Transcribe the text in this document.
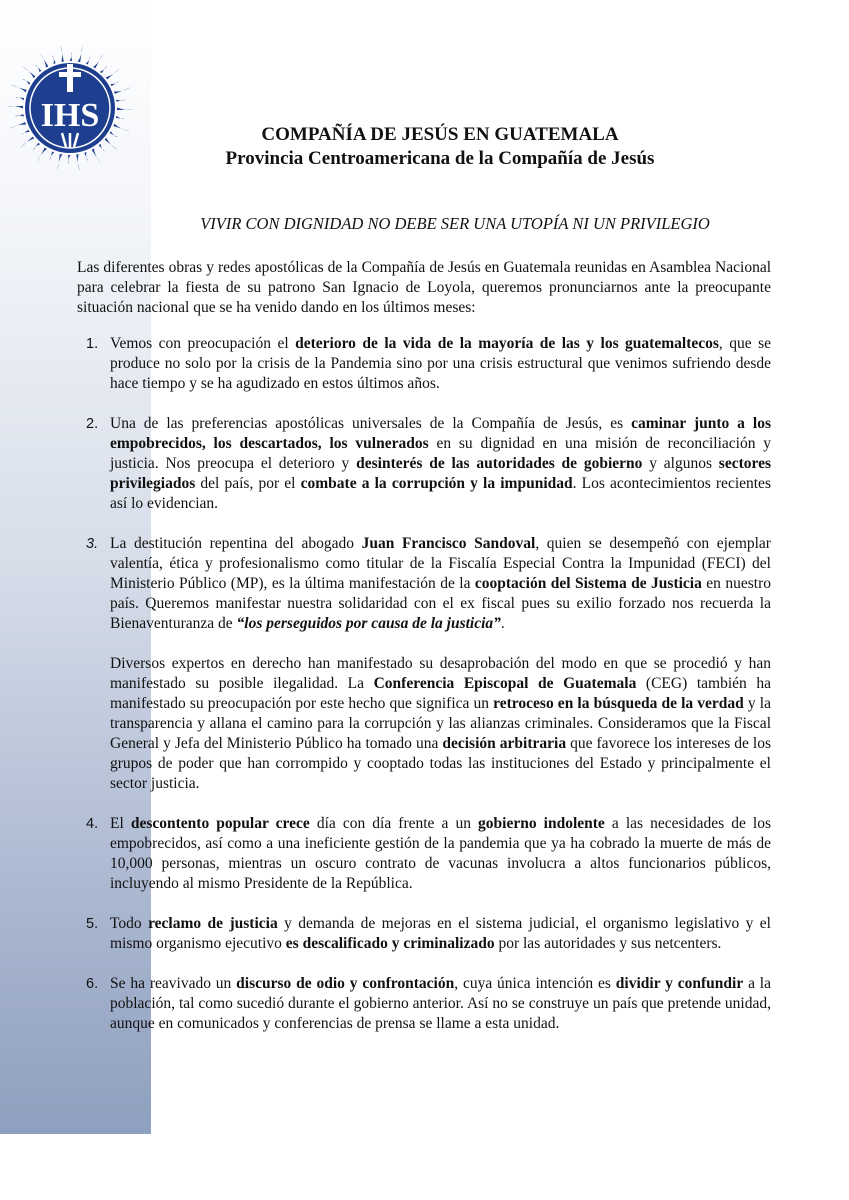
IHS
COMPAÑÍA DE JESÚS EN GUATEMALA
Provincia Centroamericana de la Compañía de Jesús
VIVIR CON DIGNIDAD NO DEBE SER UNA UTOPÍA NI UN PRIVILEGIO

Las diferentes obras y redes apostólicas de la Compañía de Jesús en Guatemala reunidas en Asamblea Nacional para celebrar la fiesta de su patrono San Ignacio de Loyola, queremos pronunciarnos ante la preocupante situación nacional que se ha venido dando en los últimos meses:

1. Vemos con preocupación el deterioro de la vida de la mayoría de las y los guatemaltecos, que se produce no solo por la crisis de la Pandemia sino por una crisis estructural que venimos sufriendo desde hace tiempo y se ha agudizado en estos últimos años.

2. Una de las preferencias apostólicas universales de la Compañía de Jesús, es caminar junto a los empobrecidos, los descartados, los vulnerados en su dignidad en una misión de reconciliación y justicia. Nos preocupa el deterioro y desinterés de las autoridades de gobierno y algunos sectores privilegiados del país, por el combate a la corrupción y la impunidad. Los acontecimientos recientes así lo evidencian.

3. La destitución repentina del abogado Juan Francisco Sandoval, quien se desempeñó con ejemplar valentía, ética y profesionalismo como titular de la Fiscalía Especial Contra la Impunidad (FECI) del Ministerio Público (MP), es la última manifestación de la cooptación del Sistema de Justicia en nuestro país. Queremos manifestar nuestra solidaridad con el ex fiscal pues su exilio forzado nos recuerda la Bienaventuranza de “los perseguidos por causa de la justicia”.

Diversos expertos en derecho han manifestado su desaprobación del modo en que se procedió y han manifestado su posible ilegalidad. La Conferencia Episcopal de Guatemala (CEG) también ha manifestado su preocupación por este hecho que significa un retroceso en la búsqueda de la verdad y la transparencia y allana el camino para la corrupción y las alianzas criminales. Consideramos que la Fiscal General y Jefa del Ministerio Público ha tomado una decisión arbitraria que favorece los intereses de los grupos de poder que han corrompido y cooptado todas las instituciones del Estado y principalmente el sector justicia.

4. El descontento popular crece día con día frente a un gobierno indolente a las necesidades de los empobrecidos, así como a una ineficiente gestión de la pandemia que ya ha cobrado la muerte de más de 10,000 personas, mientras un oscuro contrato de vacunas involucra a altos funcionarios públicos, incluyendo al mismo Presidente de la República.

5. Todo reclamo de justicia y demanda de mejoras en el sistema judicial, el organismo legislativo y el mismo organismo ejecutivo es descalificado y criminalizado por las autoridades y sus netcenters.

6. Se ha reavivado un discurso de odio y confrontación, cuya única intención es dividir y confundir a la población, tal como sucedió durante el gobierno anterior. Así no se construye un país que pretende unidad, aunque en comunicados y conferencias de prensa se llame a esta unidad.
